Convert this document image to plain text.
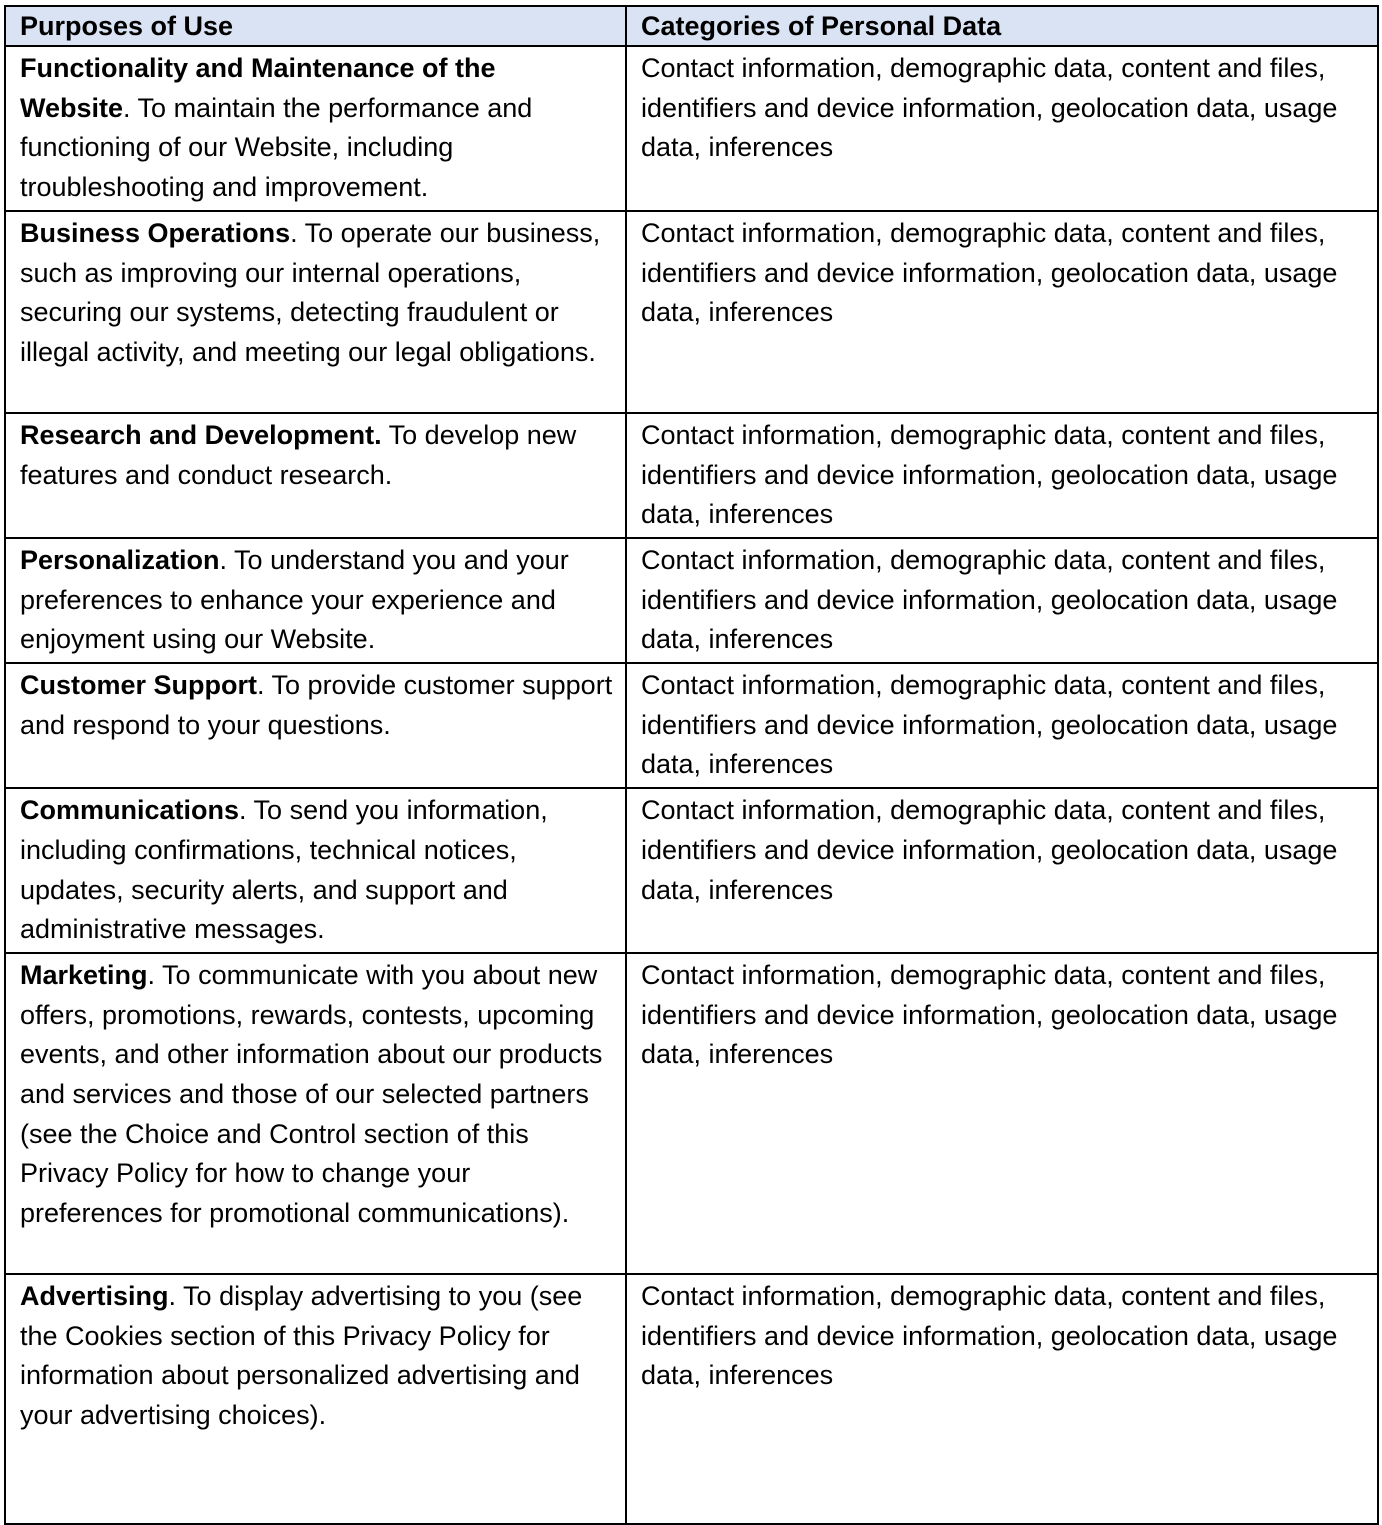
Purposes of Use	Categories of Personal Data
Functionality and Maintenance of the Website. To maintain the performance and functioning of our Website, including troubleshooting and improvement.	Contact information, demographic data, content and files, identifiers and device information, geolocation data, usage data, inferences
Business Operations. To operate our business, such as improving our internal operations, securing our systems, detecting fraudulent or illegal activity, and meeting our legal obligations.	Contact information, demographic data, content and files, identifiers and device information, geolocation data, usage data, inferences
Research and Development. To develop new features and conduct research.	Contact information, demographic data, content and files, identifiers and device information, geolocation data, usage data, inferences
Personalization. To understand you and your preferences to enhance your experience and enjoyment using our Website.	Contact information, demographic data, content and files, identifiers and device information, geolocation data, usage data, inferences
Customer Support. To provide customer support and respond to your questions.	Contact information, demographic data, content and files, identifiers and device information, geolocation data, usage data, inferences
Communications. To send you information, including confirmations, technical notices, updates, security alerts, and support and administrative messages.	Contact information, demographic data, content and files, identifiers and device information, geolocation data, usage data, inferences
Marketing. To communicate with you about new offers, promotions, rewards, contests, upcoming events, and other information about our products and services and those of our selected partners (see the Choice and Control section of this Privacy Policy for how to change your preferences for promotional communications).	Contact information, demographic data, content and files, identifiers and device information, geolocation data, usage data, inferences
Advertising. To display advertising to you (see the Cookies section of this Privacy Policy for information about personalized advertising and your advertising choices).	Contact information, demographic data, content and files, identifiers and device information, geolocation data, usage data, inferences
